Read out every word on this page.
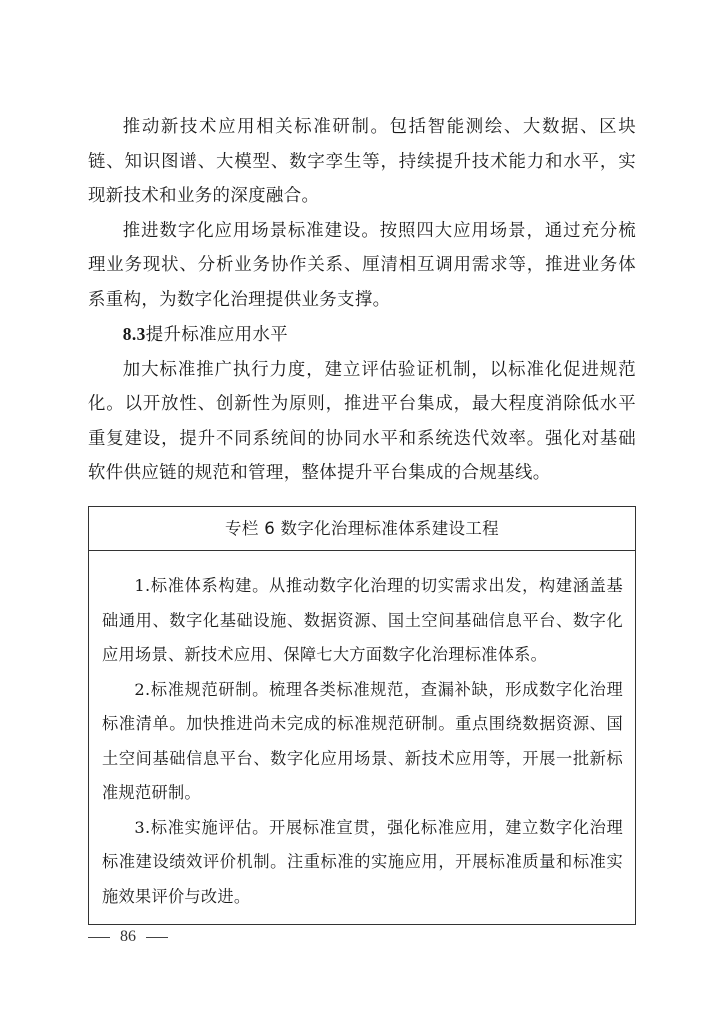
推动新技术应用相关标准研制。包括智能测绘、大数据、区块链、知识图谱、大模型、数字孪生等，持续提升技术能力和水平，实现新技术和业务的深度融合。

推进数字化应用场景标准建设。按照四大应用场景，通过充分梳理业务现状、分析业务协作关系、厘清相互调用需求等，推进业务体系重构，为数字化治理提供业务支撑。

8.3提升标准应用水平

加大标准推广执行力度，建立评估验证机制，以标准化促进规范化。以开放性、创新性为原则，推进平台集成，最大程度消除低水平重复建设，提升不同系统间的协同水平和系统迭代效率。强化对基础软件供应链的规范和管理，整体提升平台集成的合规基线。

专栏 6 数字化治理标准体系建设工程

1.标准体系构建。从推动数字化治理的切实需求出发，构建涵盖基础通用、数字化基础设施、数据资源、国土空间基础信息平台、数字化应用场景、新技术应用、保障七大方面数字化治理标准体系。

2.标准规范研制。梳理各类标准规范，查漏补缺，形成数字化治理标准清单。加快推进尚未完成的标准规范研制。重点围绕数据资源、国土空间基础信息平台、数字化应用场景、新技术应用等，开展一批新标准规范研制。

3.标准实施评估。开展标准宣贯，强化标准应用，建立数字化治理标准建设绩效评价机制。注重标准的实施应用，开展标准质量和标准实施效果评价与改进。

86
